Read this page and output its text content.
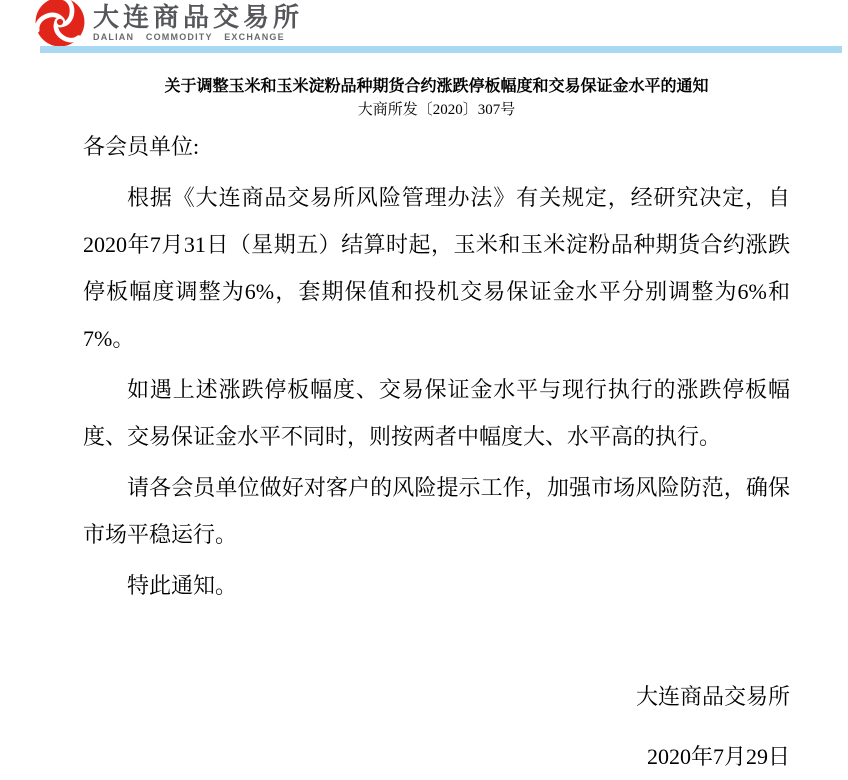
大连商品交易所
DALIAN COMMODITY EXCHANGE
关于调整玉米和玉米淀粉品种期货合约涨跌停板幅度和交易保证金水平的通知
大商所发〔2020〕307号
各会员单位:

根据《大连商品交易所风险管理办法》有关规定，经研究决定，自2020年7月31日（星期五）结算时起，玉米和玉米淀粉品种期货合约涨跌停板幅度调整为6%，套期保值和投机交易保证金水平分别调整为6%和7%。

如遇上述涨跌停板幅度、交易保证金水平与现行执行的涨跌停板幅度、交易保证金水平不同时，则按两者中幅度大、水平高的执行。

请各会员单位做好对客户的风险提示工作，加强市场风险防范，确保市场平稳运行。

特此通知。

大连商品交易所
2020年7月29日
